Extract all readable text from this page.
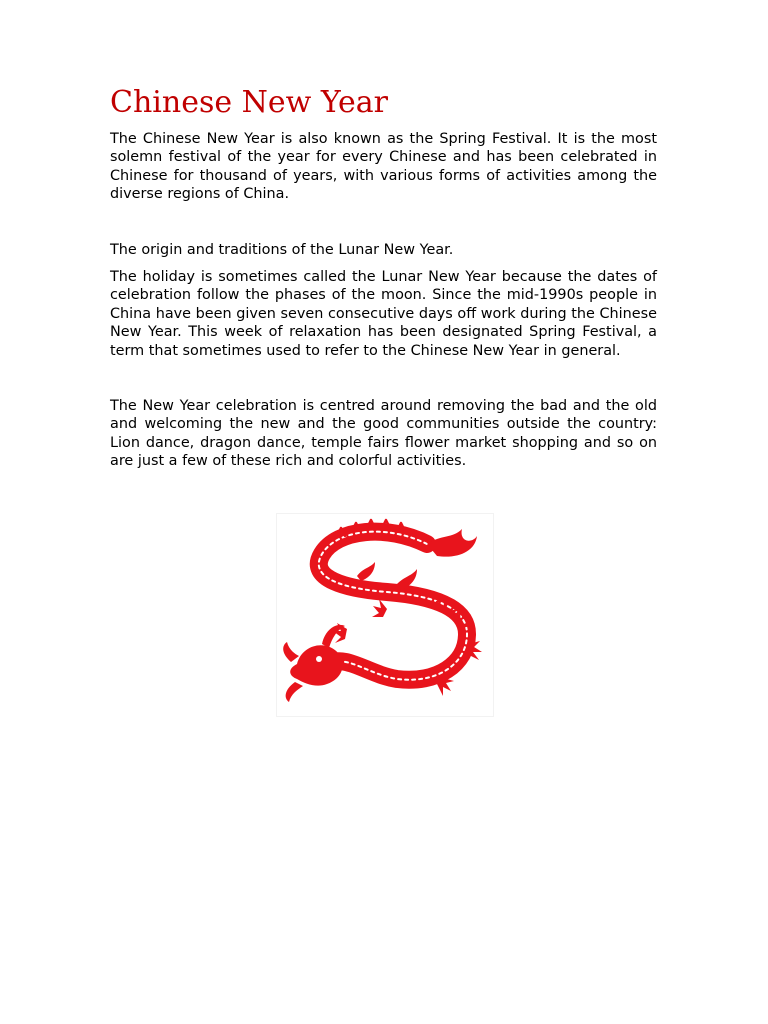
Chinese New Year

The Chinese New Year is also known as the Spring Festival. It is the most solemn festival of the year for every Chinese and has been celebrated in Chinese for thousand of years, with various forms of activities among the diverse regions of China.

The origin and traditions of the Lunar New Year.

The holiday is sometimes called the Lunar New Year because the dates of celebration follow the phases of the moon. Since the mid-1990s people in China have been given seven consecutive days off work during the Chinese New Year. This week of relaxation has been designated Spring Festival, a term that sometimes used to refer to the Chinese New Year in general.

The New Year celebration is centred around removing the bad and the old and welcoming the new and the good communities outside the country: Lion dance, dragon dance, temple fairs flower market shopping and so on are just a few of these rich and colorful activities.
